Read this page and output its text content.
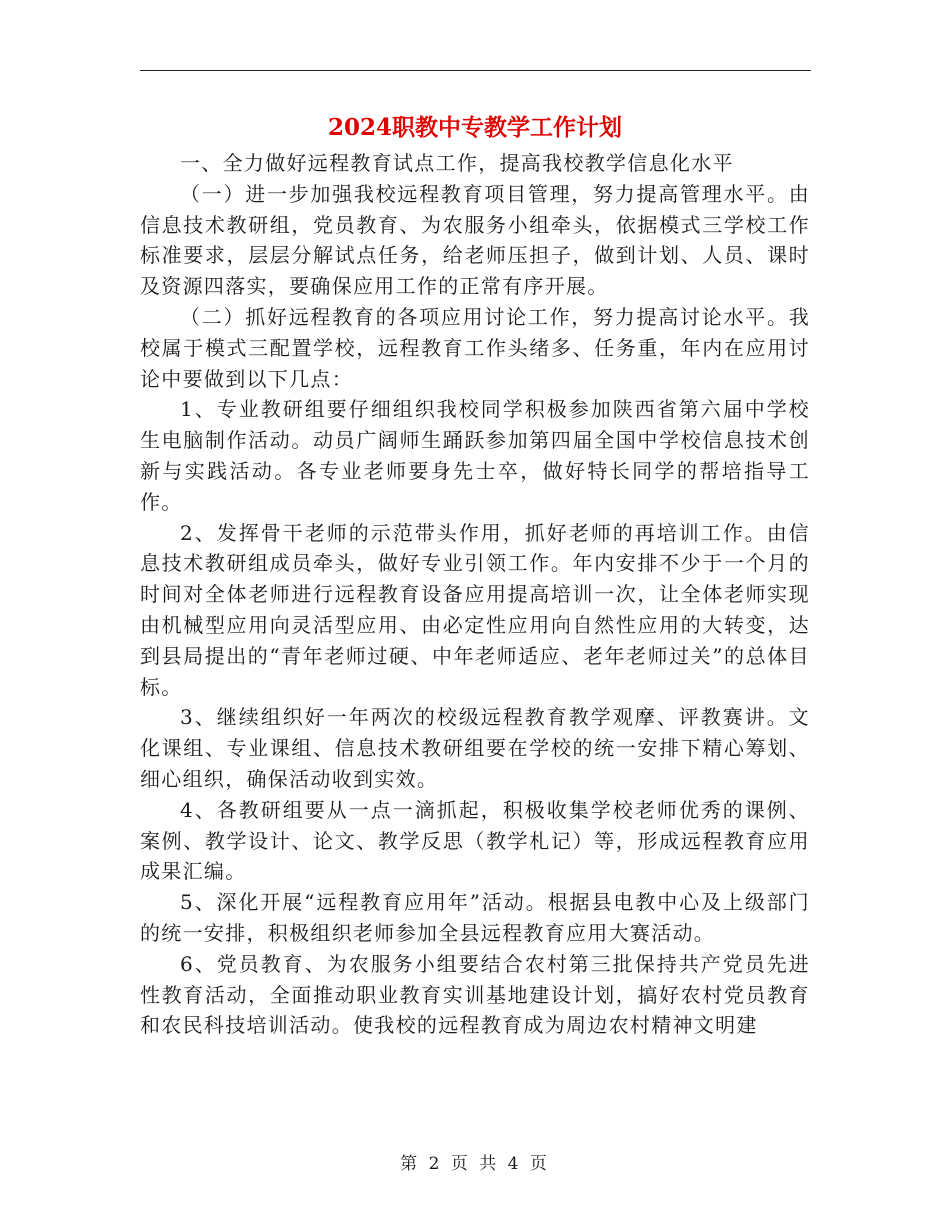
2024职教中专教学工作计划

一、全力做好远程教育试点工作，提高我校教学信息化水平

（一）进一步加强我校远程教育项目管理，努力提高管理水平。由信息技术教研组，党员教育、为农服务小组牵头，依据模式三学校工作标准要求，层层分解试点任务，给老师压担子，做到计划、人员、课时及资源四落实，要确保应用工作的正常有序开展。

（二）抓好远程教育的各项应用讨论工作，努力提高讨论水平。我校属于模式三配置学校，远程教育工作头绪多、任务重，年内在应用讨论中要做到以下几点：

1、专业教研组要仔细组织我校同学积极参加陕西省第六届中学校生电脑制作活动。动员广阔师生踊跃参加第四届全国中学校信息技术创新与实践活动。各专业老师要身先士卒，做好特长同学的帮培指导工作。

2、发挥骨干老师的示范带头作用，抓好老师的再培训工作。由信息技术教研组成员牵头，做好专业引领工作。年内安排不少于一个月的时间对全体老师进行远程教育设备应用提高培训一次，让全体老师实现由机械型应用向灵活型应用、由必定性应用向自然性应用的大转变，达到县局提出的“青年老师过硬、中年老师适应、老年老师过关”的总体目标。

3、继续组织好一年两次的校级远程教育教学观摩、评教赛讲。文化课组、专业课组、信息技术教研组要在学校的统一安排下精心筹划、细心组织，确保活动收到实效。

4、各教研组要从一点一滴抓起，积极收集学校老师优秀的课例、案例、教学设计、论文、教学反思（教学札记）等，形成远程教育应用成果汇编。

5、深化开展“远程教育应用年”活动。根据县电教中心及上级部门的统一安排，积极组织老师参加全县远程教育应用大赛活动。

6、党员教育、为农服务小组要结合农村第三批保持共产党员先进性教育活动，全面推动职业教育实训基地建设计划，搞好农村党员教育和农民科技培训活动。使我校的远程教育成为周边农村精神文明建

第 2 页 共 4 页
